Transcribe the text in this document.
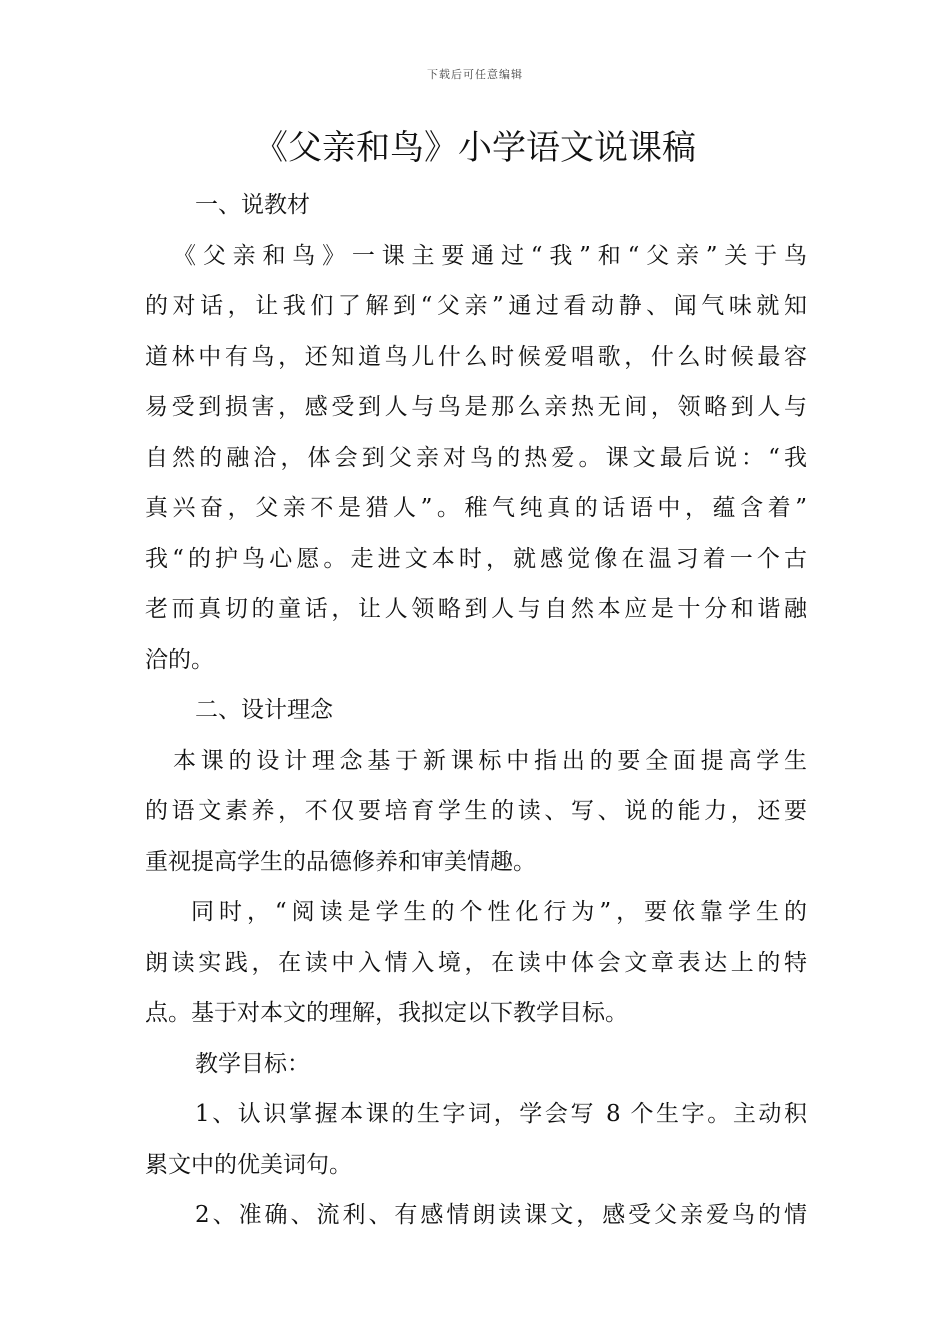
下载后可任意编辑
《父亲和鸟》小学语文说课稿
一、说教材
《父亲和鸟》一课主要通过“我”和“父亲”关于鸟
的对话，让我们了解到“父亲”通过看动静、闻气味就知
道林中有鸟，还知道鸟儿什么时候爱唱歌，什么时候最容
易受到损害，感受到人与鸟是那么亲热无间，领略到人与
自然的融洽，体会到父亲对鸟的热爱。课文最后说：“我
真兴奋，父亲不是猎人”。稚气纯真的话语中，蕴含着”
我“的护鸟心愿。走进文本时，就感觉像在温习着一个古
老而真切的童话，让人领略到人与自然本应是十分和谐融
洽的。
二、设计理念
本课的设计理念基于新课标中指出的要全面提高学生
的语文素养，不仅要培育学生的读、写、说的能力，还要
重视提高学生的品德修养和审美情趣。
同时，“阅读是学生的个性化行为”，要依靠学生的
朗读实践，在读中入情入境，在读中体会文章表达上的特
点。基于对本文的理解，我拟定以下教学目标。
教学目标：
1、认识掌握本课的生字词，学会写 8 个生字。主动积
累文中的优美词句。
2、准确、流利、有感情朗读课文，感受父亲爱鸟的情
